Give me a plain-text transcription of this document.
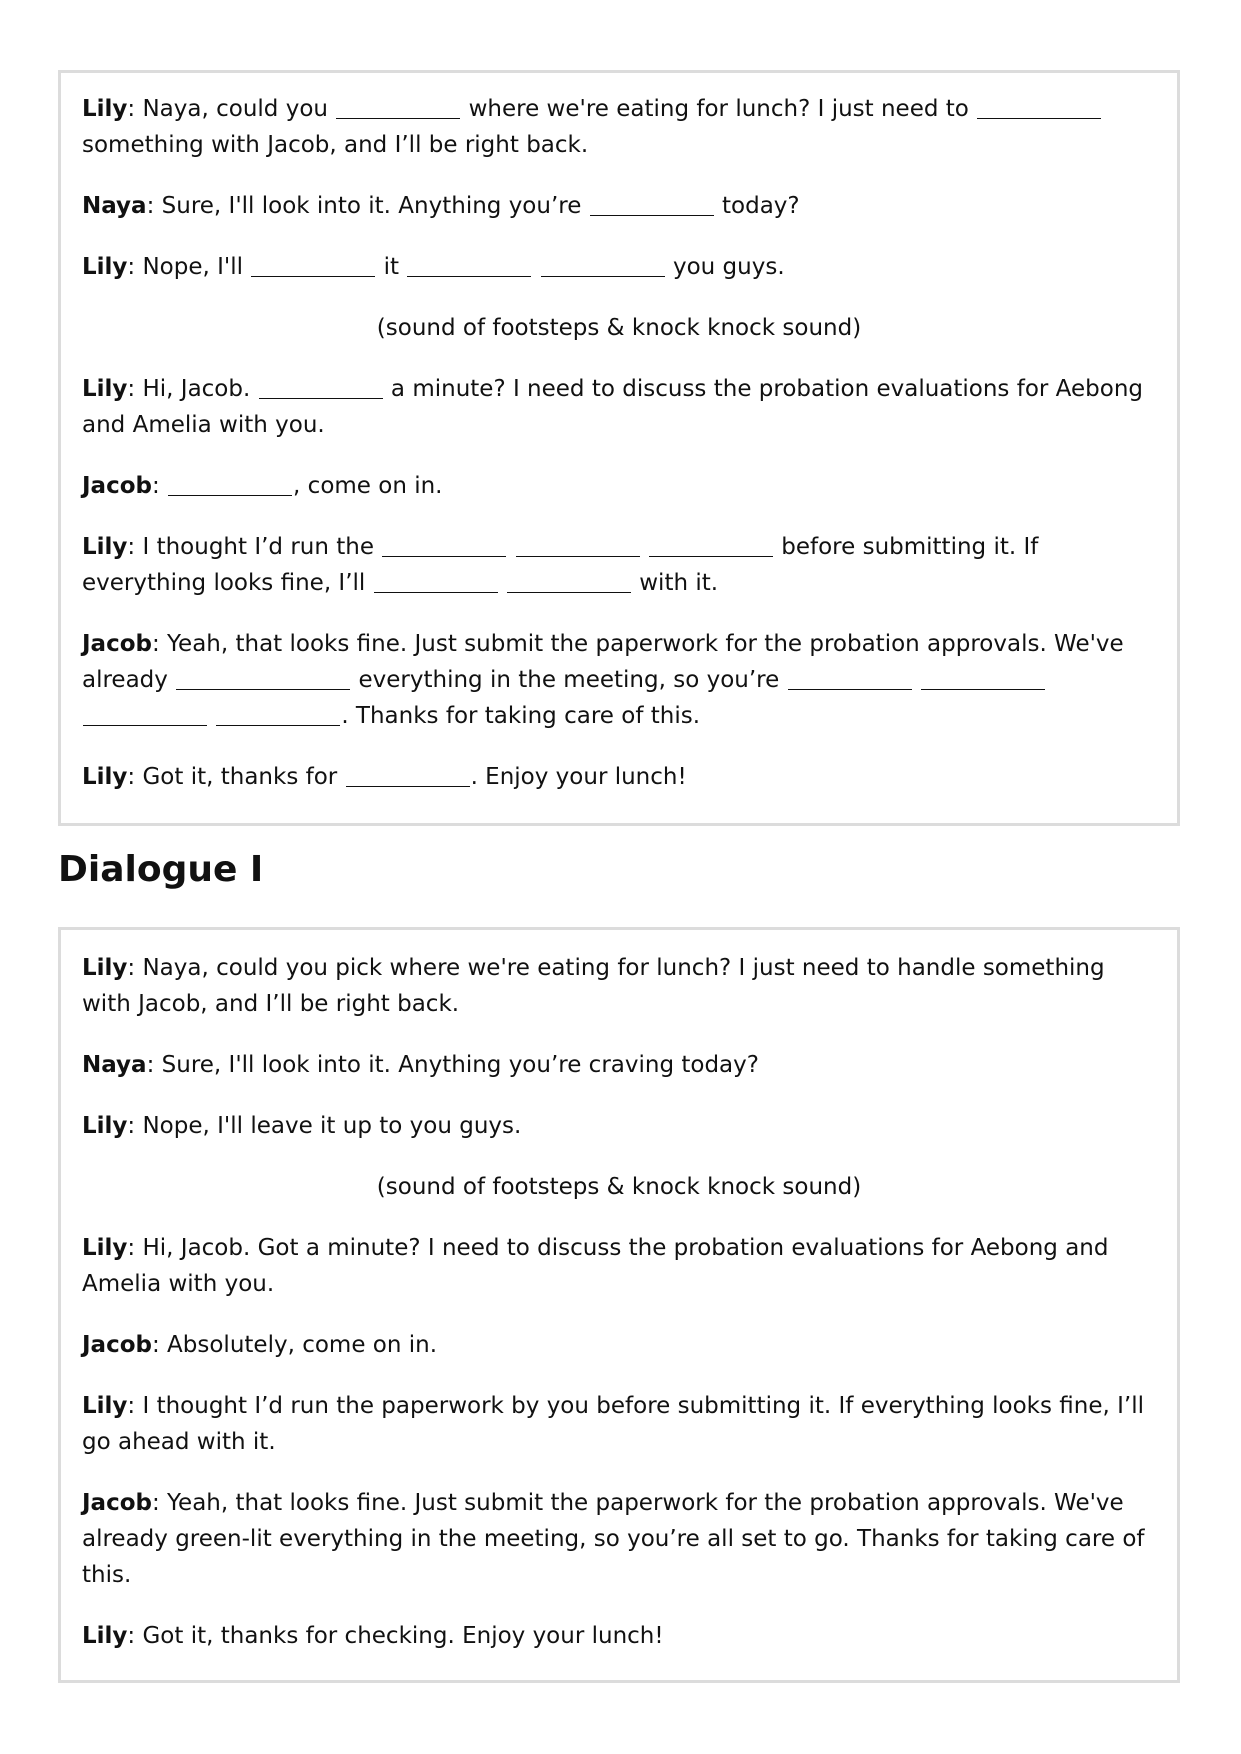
Lily: Naya, could you	where we're eating for lunch? I just need to  something with Jacob, and I’ll be right back.

Naya: Sure, I'll look into it. Anything you’re	today?

Lily: Nope, I'll	it	you guys.

(sound of footsteps & knock knock sound)

Lily: Hi, Jacob.	a minute? I need to discuss the probation evaluations for Aebong and Amelia with you.

Jacob:	, come on in.

Lily: I thought I’d run the	before submitting it. If everything looks fine, I’ll	with it.

Jacob: Yeah, that looks fine. Just submit the paperwork for the probation approvals. We've already	everything in the meeting, so you’re    . Thanks for taking care of this.

Lily: Got it, thanks for	. Enjoy your lunch!

Dialogue I

Lily: Naya, could you pick where we're eating for lunch? I just need to handle something with Jacob, and I’ll be right back.

Naya: Sure, I'll look into it. Anything you’re craving today?

Lily: Nope, I'll leave it up to you guys.

(sound of footsteps & knock knock sound)

Lily: Hi, Jacob. Got a minute? I need to discuss the probation evaluations for Aebong and Amelia with you.

Jacob: Absolutely, come on in.

Lily: I thought I’d run the paperwork by you before submitting it. If everything looks fine, I’ll go ahead with it.

Jacob: Yeah, that looks fine. Just submit the paperwork for the probation approvals. We've already green-lit everything in the meeting, so you’re all set to go. Thanks for taking care of this.

Lily: Got it, thanks for checking. Enjoy your lunch!
